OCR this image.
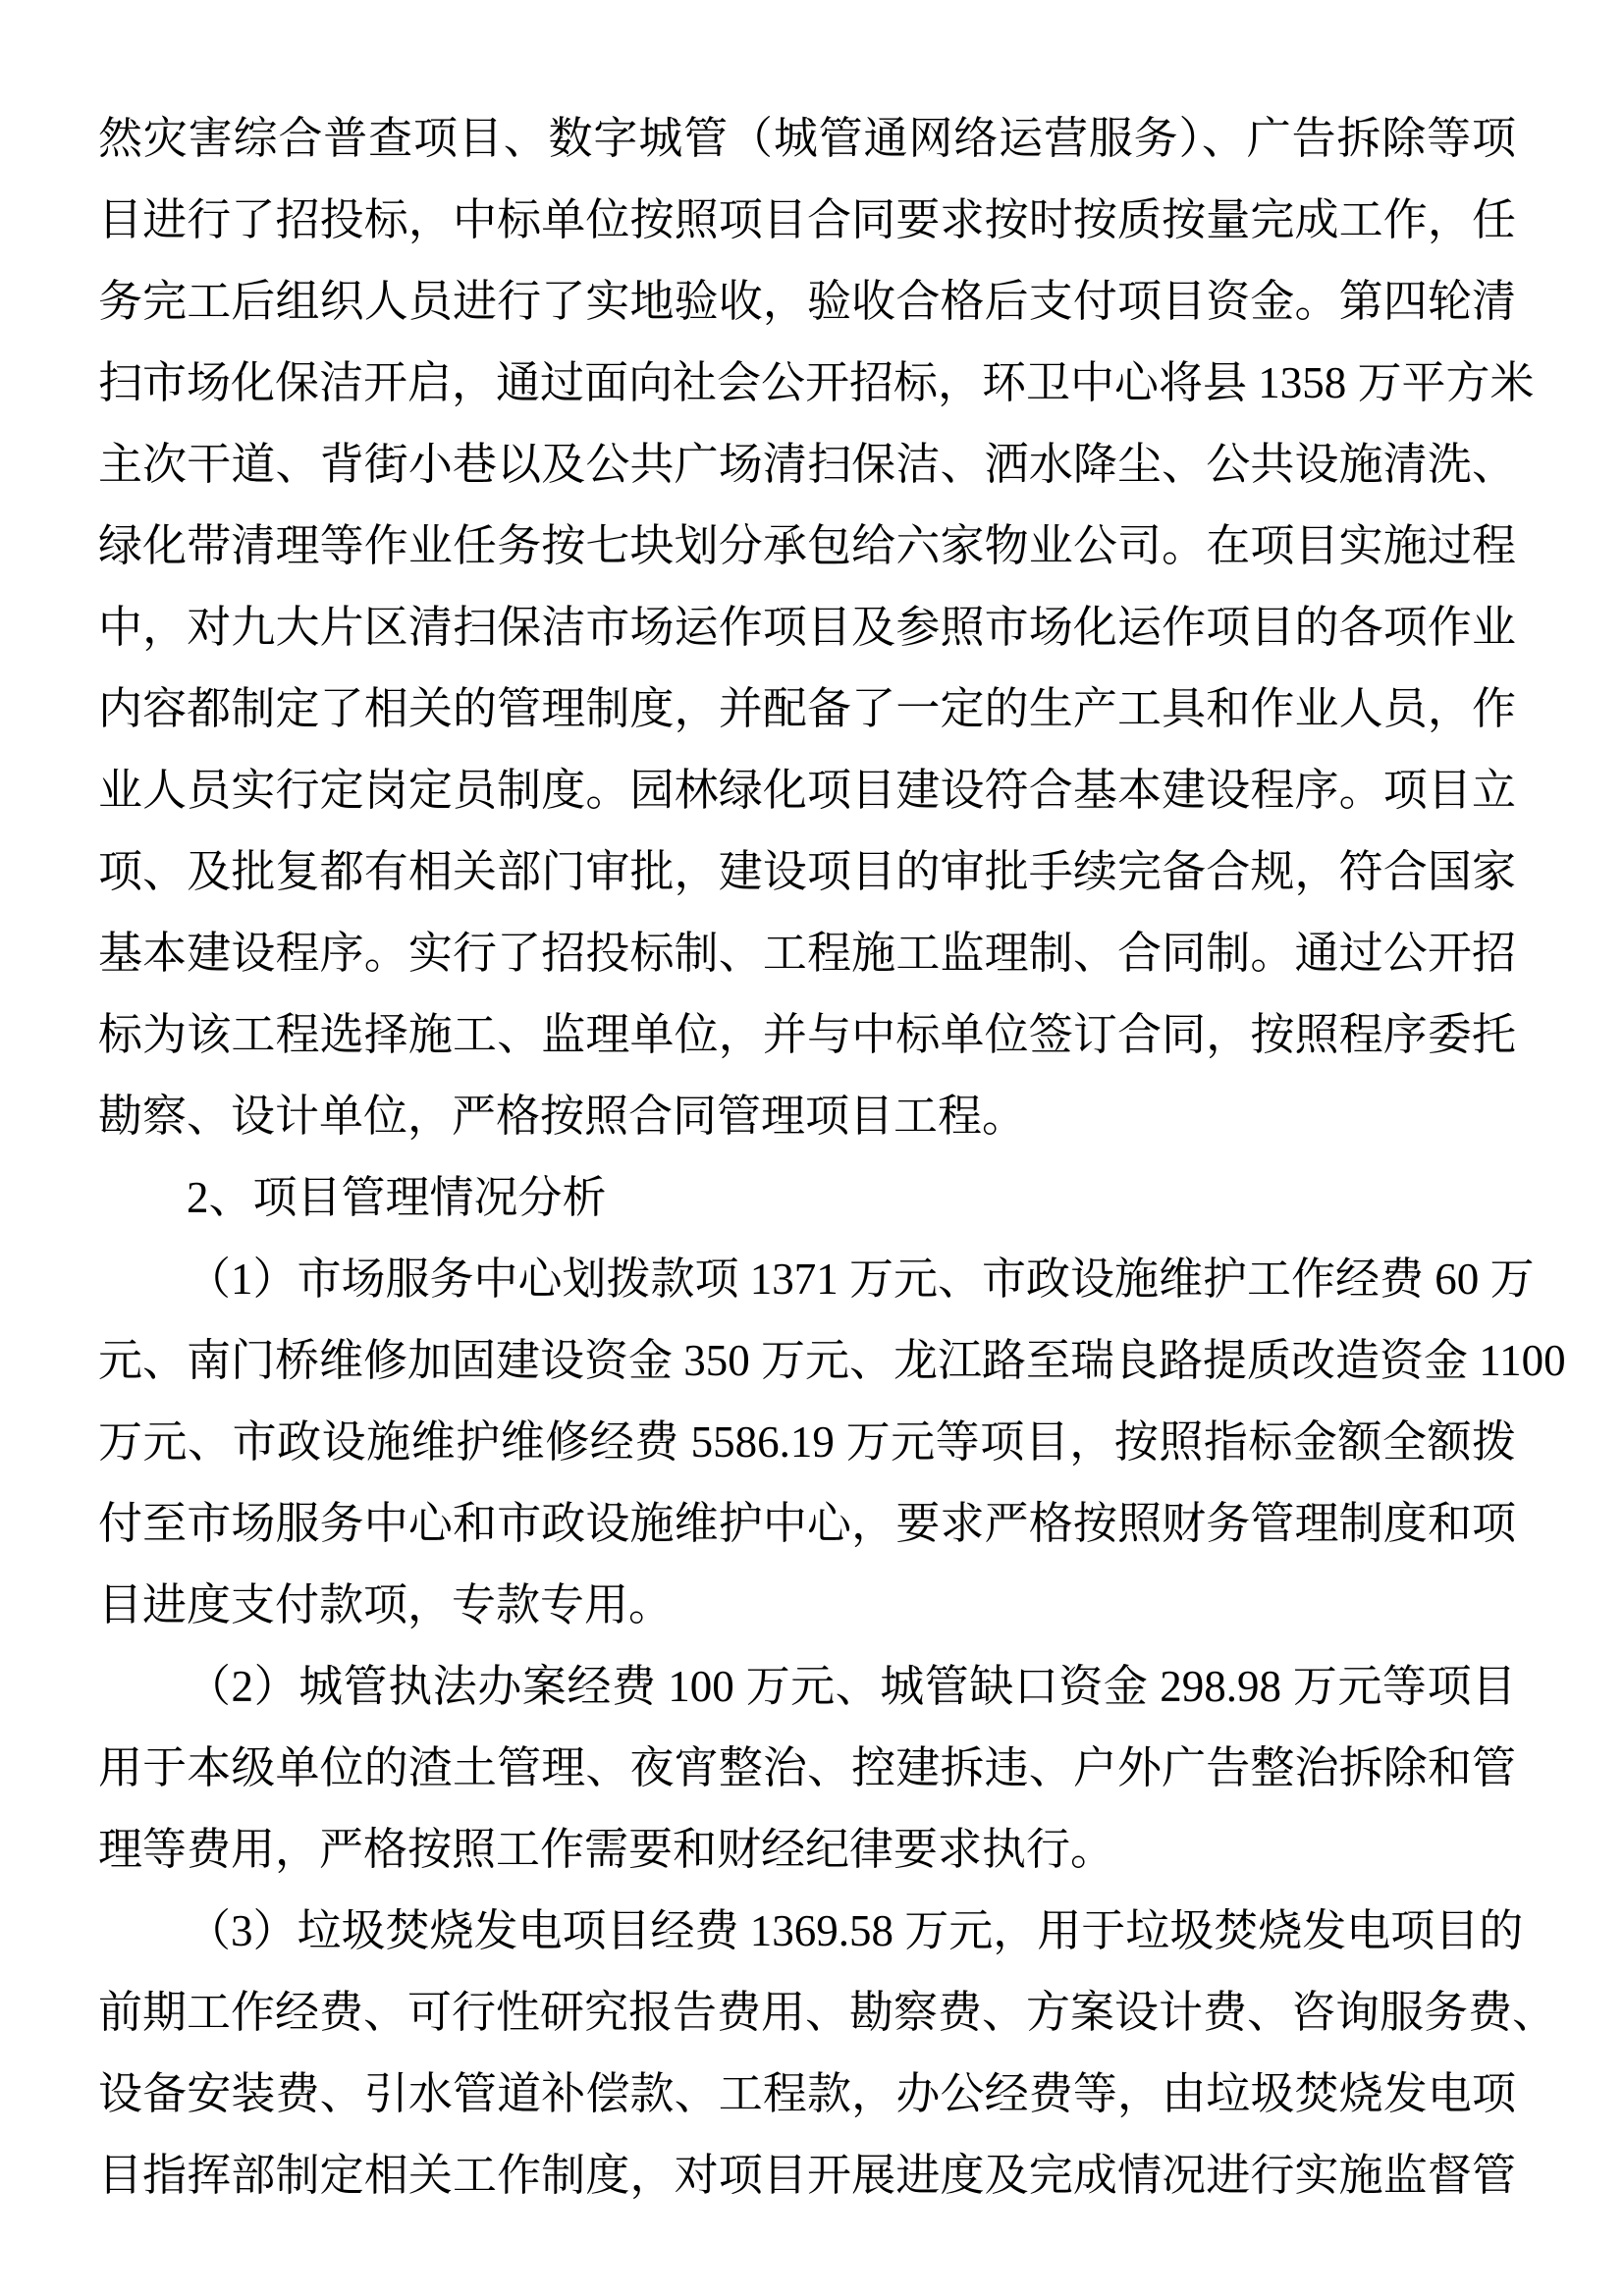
然灾害综合普查项目、数字城管（城管通网络运营服务）、广告拆除等项
目进行了招投标，中标单位按照项目合同要求按时按质按量完成工作，任
务完工后组织人员进行了实地验收，验收合格后支付项目资金。第四轮清
扫市场化保洁开启，通过面向社会公开招标，环卫中心将县 1358 万平方米
主次干道、背街小巷以及公共广场清扫保洁、洒水降尘、公共设施清洗、
绿化带清理等作业任务按七块划分承包给六家物业公司。在项目实施过程
中，对九大片区清扫保洁市场运作项目及参照市场化运作项目的各项作业
内容都制定了相关的管理制度，并配备了一定的生产工具和作业人员，作
业人员实行定岗定员制度。园林绿化项目建设符合基本建设程序。项目立
项、及批复都有相关部门审批，建设项目的审批手续完备合规，符合国家
基本建设程序。实行了招投标制、工程施工监理制、合同制。通过公开招
标为该工程选择施工、监理单位，并与中标单位签订合同，按照程序委托
勘察、设计单位，严格按照合同管理项目工程。
2、项目管理情况分析
（1）市场服务中心划拨款项 1371 万元、市政设施维护工作经费 60 万
元、南门桥维修加固建设资金 350 万元、龙江路至瑞良路提质改造资金 1100
万元、市政设施维护维修经费 5586.19 万元等项目，按照指标金额全额拨
付至市场服务中心和市政设施维护中心，要求严格按照财务管理制度和项
目进度支付款项，专款专用。
（2）城管执法办案经费 100 万元、城管缺口资金 298.98 万元等项目
用于本级单位的渣土管理、夜宵整治、控建拆违、户外广告整治拆除和管
理等费用，严格按照工作需要和财经纪律要求执行。
（3）垃圾焚烧发电项目经费 1369.58 万元，用于垃圾焚烧发电项目的
前期工作经费、可行性研究报告费用、勘察费、方案设计费、咨询服务费、
设备安装费、引水管道补偿款、工程款，办公经费等，由垃圾焚烧发电项
目指挥部制定相关工作制度，对项目开展进度及完成情况进行实施监督管
